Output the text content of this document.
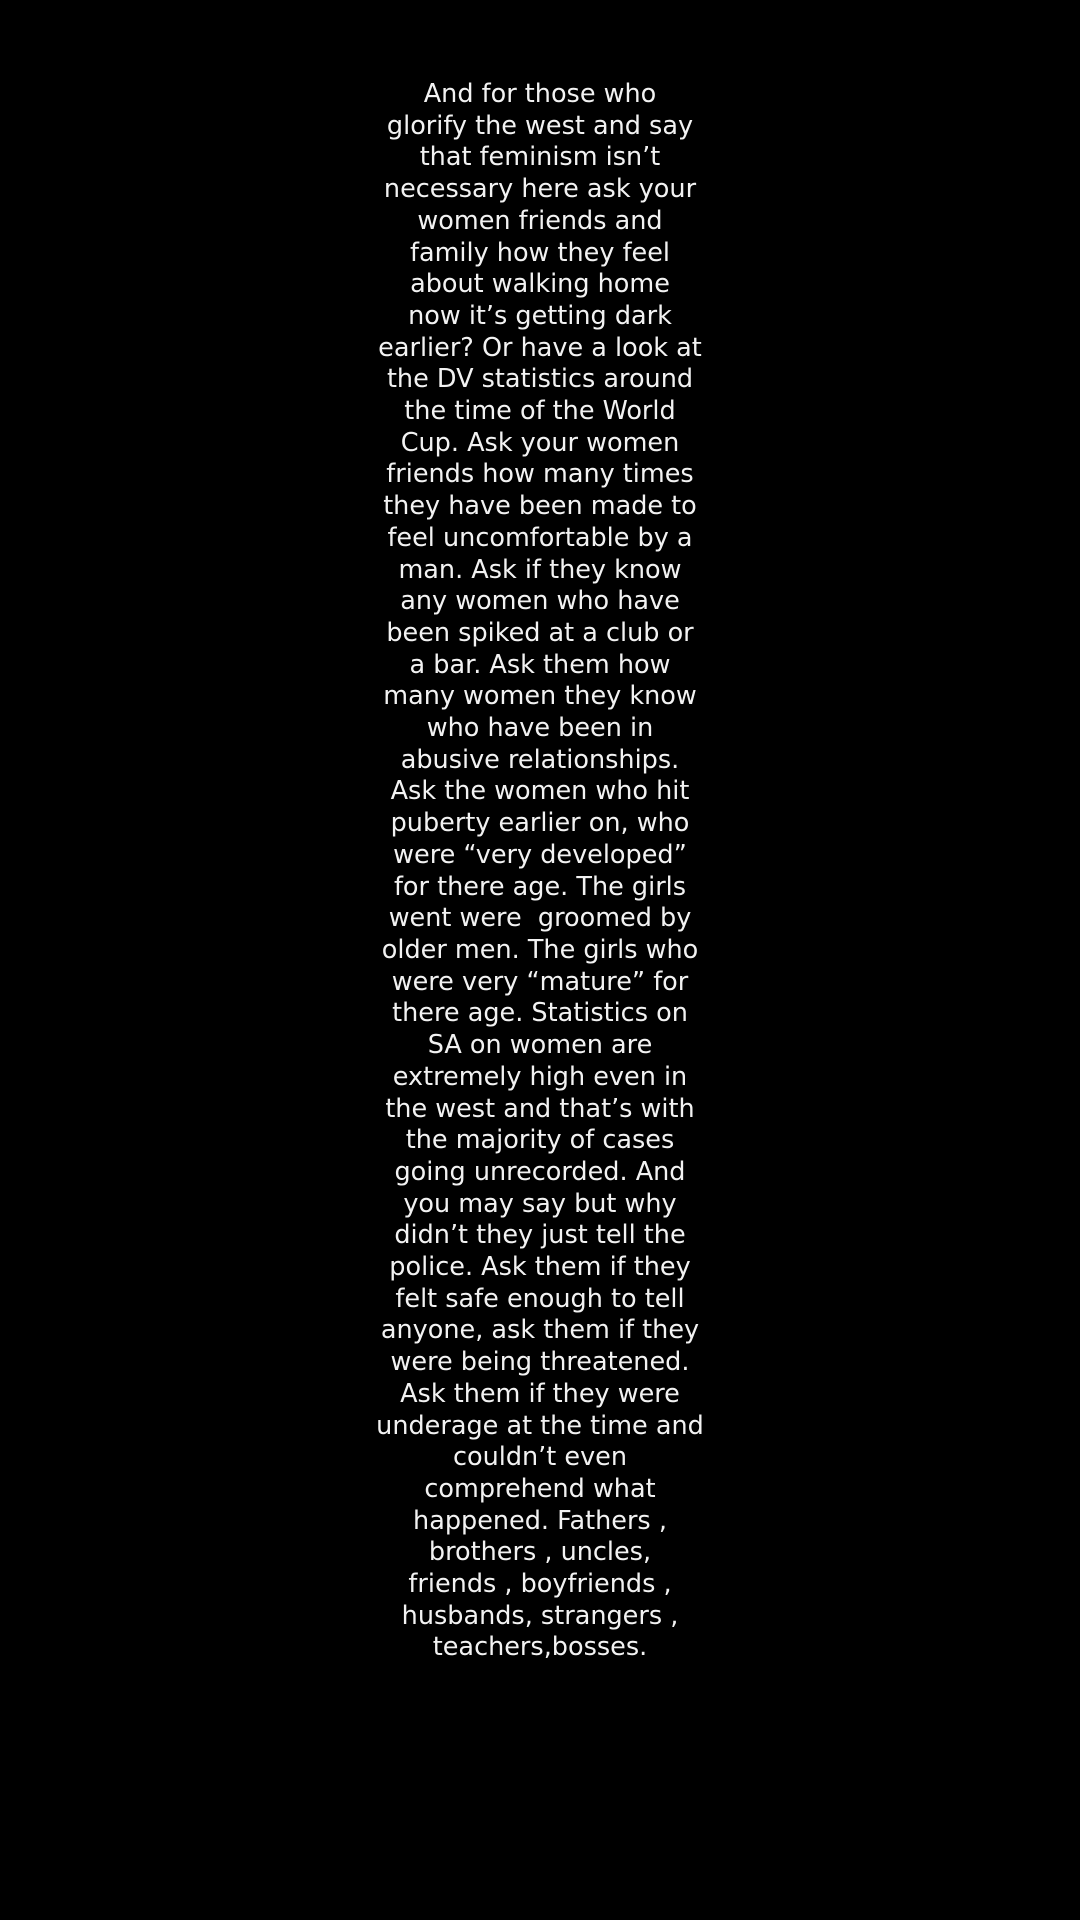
And for those who
glorify the west and say
that feminism isn’t
necessary here ask your
women friends and
family how they feel
about walking home
now it’s getting dark
earlier? Or have a look at
the DV statistics around
the time of the World
Cup. Ask your women
friends how many times
they have been made to
feel uncomfortable by a
man. Ask if they know
any women who have
been spiked at a club or
a bar. Ask them how
many women they know
who have been in
abusive relationships.
Ask the women who hit
puberty earlier on, who
were “very developed”
for there age. The girls
went were  groomed by
older men. The girls who
were very “mature” for
there age. Statistics on
SA on women are
extremely high even in
the west and that’s with
the majority of cases
going unrecorded. And
you may say but why
didn’t they just tell the
police. Ask them if they
felt safe enough to tell
anyone, ask them if they
were being threatened.
Ask them if they were
underage at the time and
couldn’t even
comprehend what
happened. Fathers ,
brothers , uncles,
friends , boyfriends ,
husbands, strangers ,
teachers,bosses.
